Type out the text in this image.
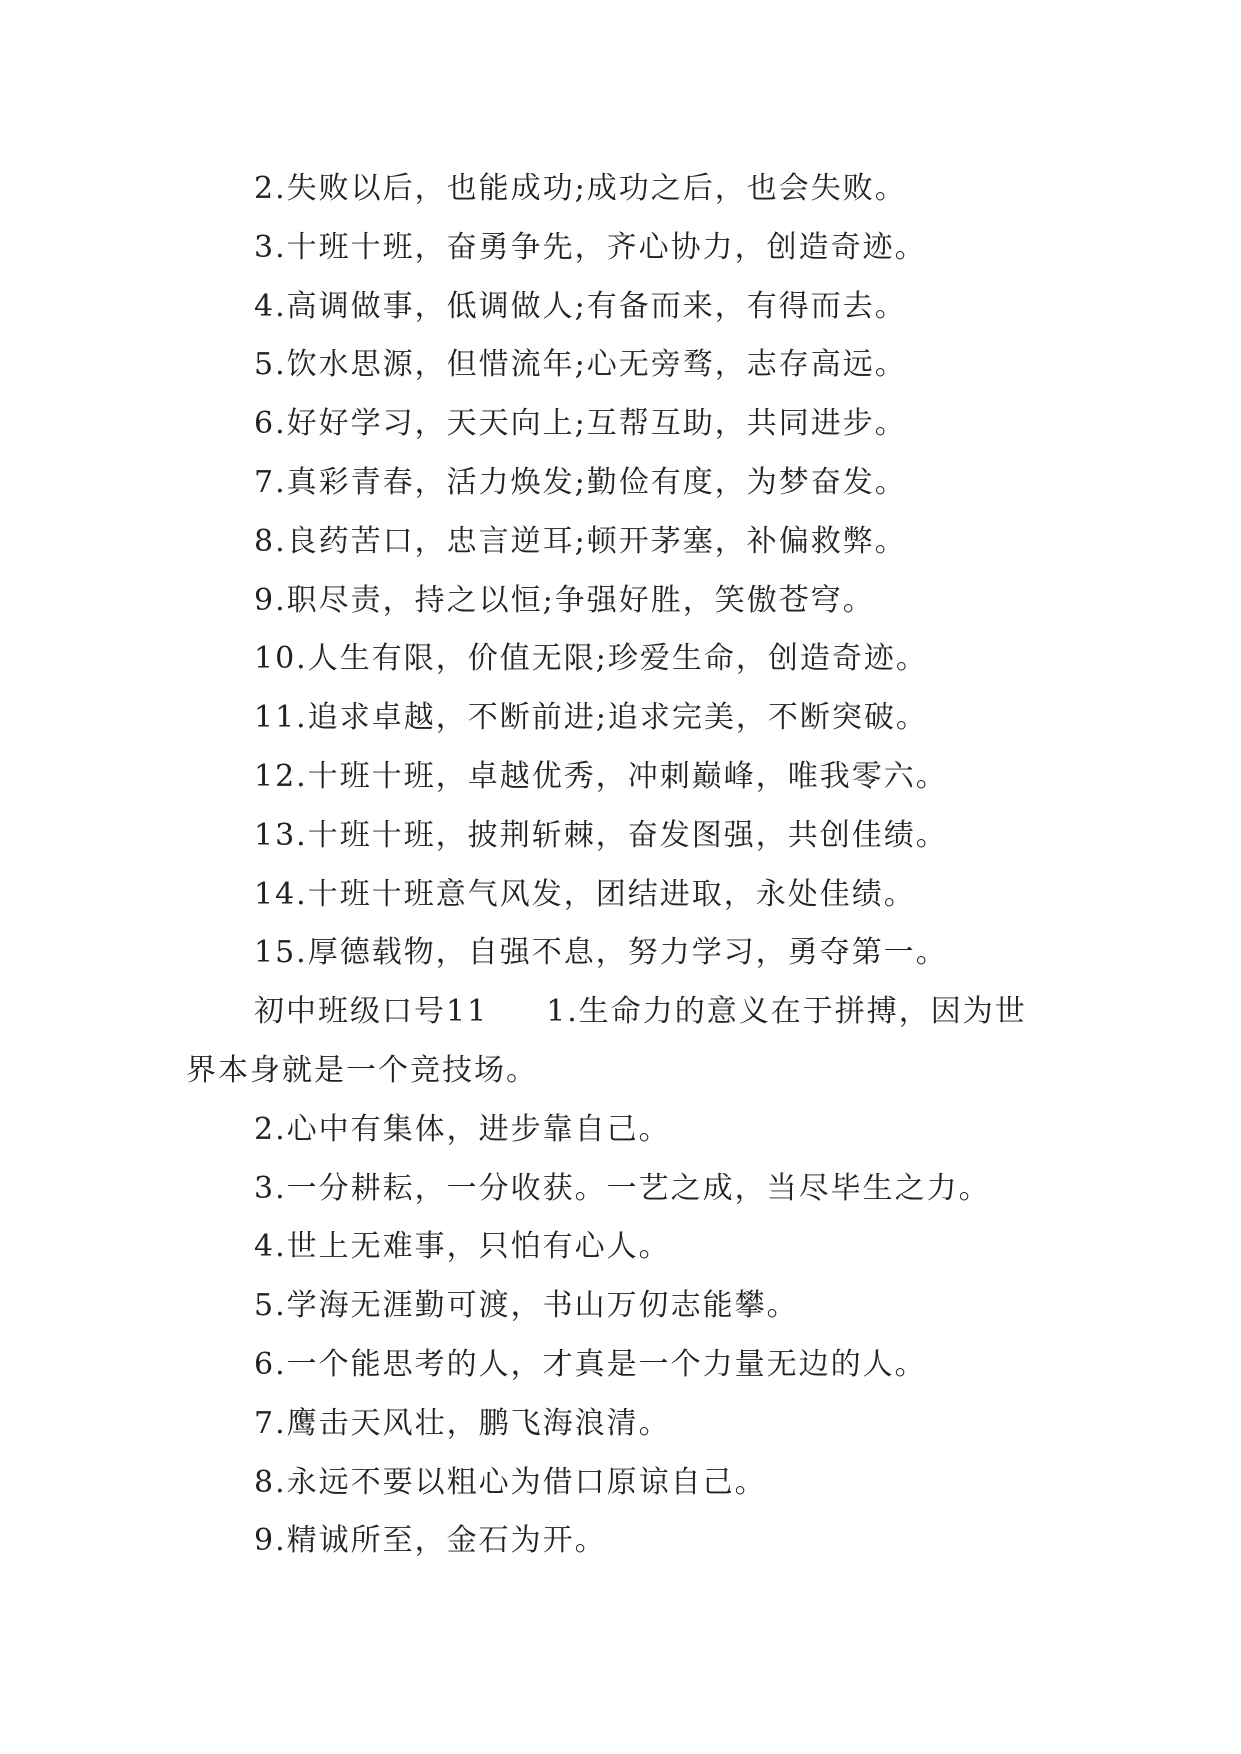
2.失败以后，也能成功;成功之后，也会失败。
3.十班十班，奋勇争先，齐心协力，创造奇迹。
4.高调做事，低调做人;有备而来，有得而去。
5.饮水思源，但惜流年;心无旁骛，志存高远。
6.好好学习，天天向上;互帮互助，共同进步。
7.真彩青春，活力焕发;勤俭有度，为梦奋发。
8.良药苦口，忠言逆耳;顿开茅塞，补偏救弊。
9.职尽责，持之以恒;争强好胜，笑傲苍穹。
10.人生有限，价值无限;珍爱生命，创造奇迹。
11.追求卓越，不断前进;追求完美，不断突破。
12.十班十班，卓越优秀，冲刺巅峰，唯我零六。
13.十班十班，披荆斩棘，奋发图强，共创佳绩。
14.十班十班意气风发，团结进取，永处佳绩。
15.厚德载物，自强不息，努力学习，勇夺第一。
初中班级口号11 1.生命力的意义在于拼搏，因为世
界本身就是一个竞技场。
2.心中有集体，进步靠自己。
3.一分耕耘，一分收获。一艺之成，当尽毕生之力。
4.世上无难事，只怕有心人。
5.学海无涯勤可渡，书山万仞志能攀。
6.一个能思考的人，才真是一个力量无边的人。
7.鹰击天风壮，鹏飞海浪清。
8.永远不要以粗心为借口原谅自己。
9.精诚所至，金石为开。
